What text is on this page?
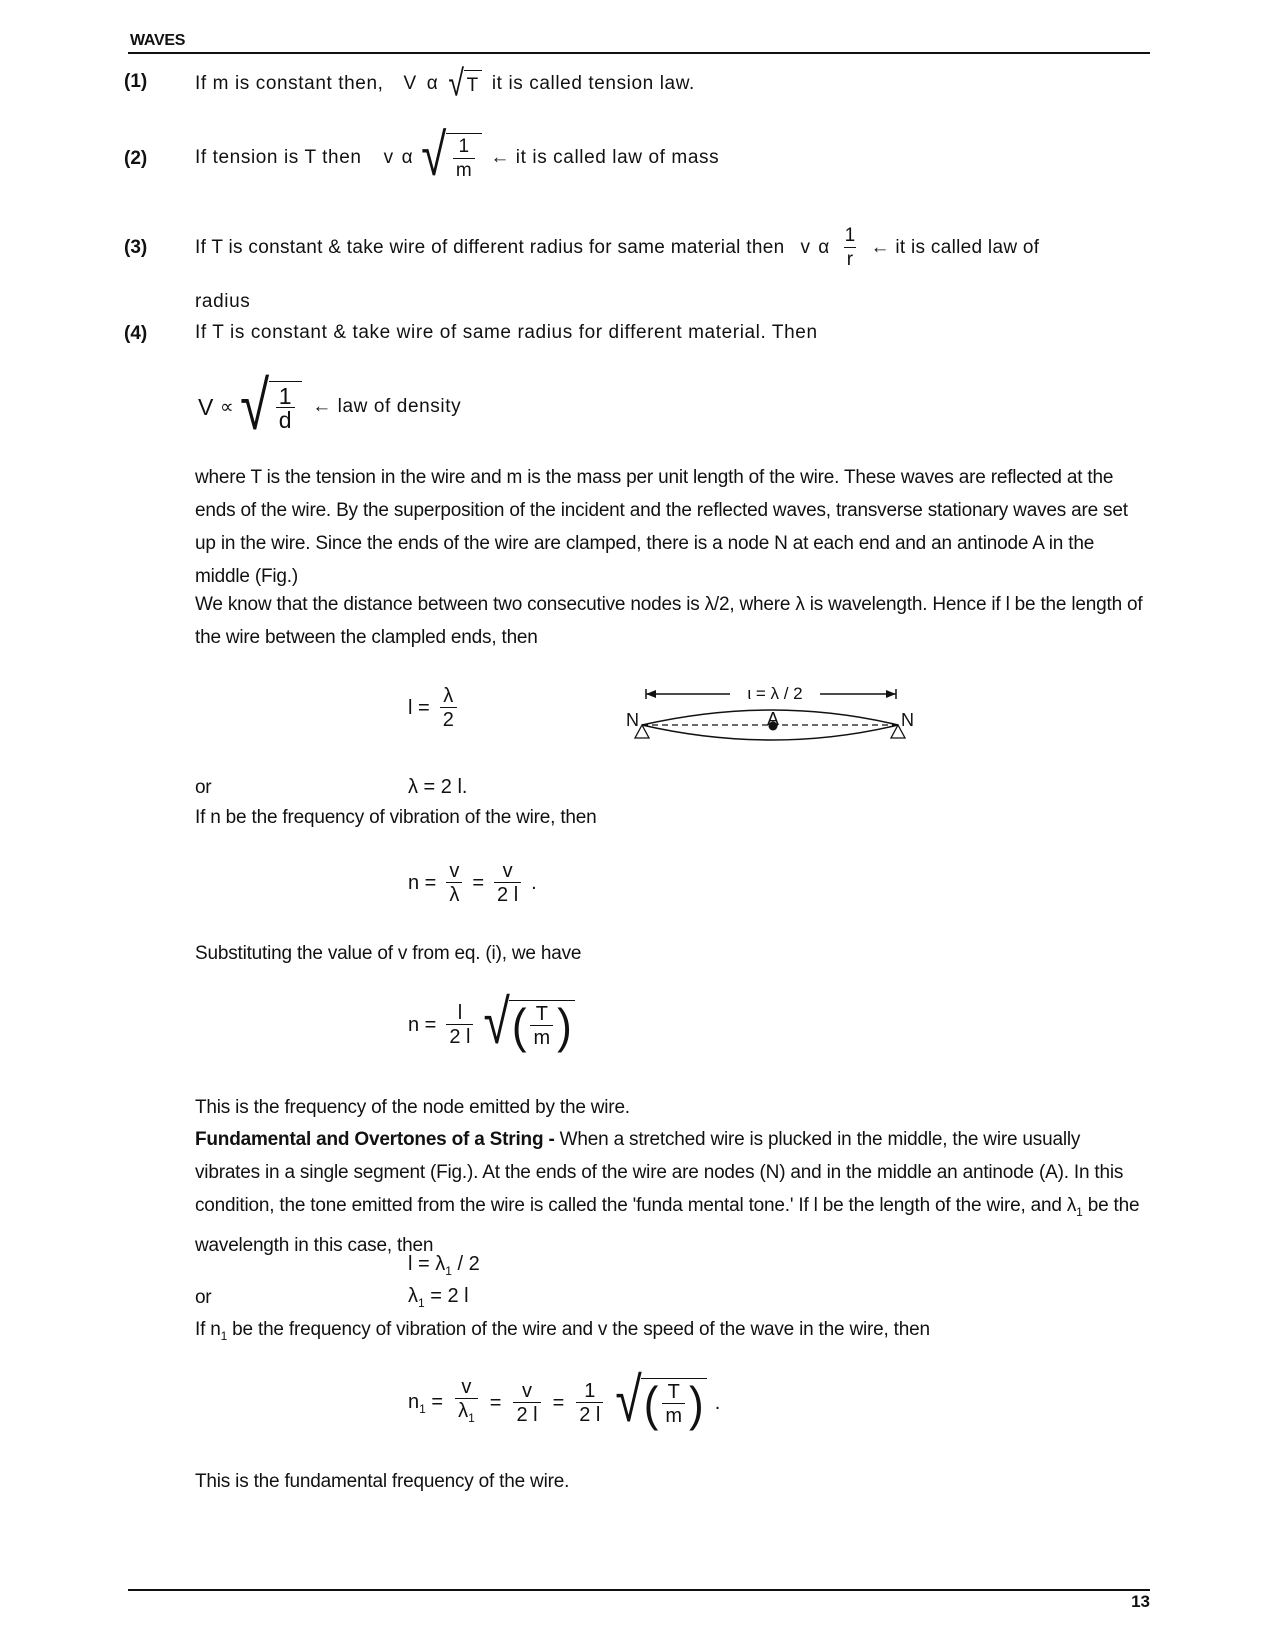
WAVES
(1)	If m is constant then, V α √ T it is called tension law.
(2)	If tension is T then v α √ $\frac{1}{m}$ ← it is called law of mass
(3)	If T is constant & take wire of different radius for same material then v α $\frac{1}{r}$ ← it is called law of
radius
(4)	If T is constant & take wire of same radius for different material. Then
V ∝ √ $\frac{1}{d}$ ← law of density
where T is the tension in the wire and m is the mass per unit length of the wire. These waves are reflected at the ends of the wire. By the superposition of the incident and the reflected waves, transverse stationary waves are set up in the wire. Since the ends of the wire are clamped, there is a node N at each end and an antinode A in the middle (Fig.)
We know that the distance between two consecutive nodes is λ/2, where λ is wavelength. Hence if l be the length of the wire between the clampled ends, then
$l = \frac{\lambda}{2}$	ι = λ / 2
N	N
A
or	λ = 2 l.
If n be the frequency of vibration of the wire, then
$n = \frac{v}{\lambda} = \frac{v}{2 l}$ .
Substituting the value of v from eq. (i), we have
$n = \frac{l}{2 l}$ √ ( $\frac{T}{m}$ )
This is the frequency of the node emitted by the wire.
Fundamental and Overtones of a String - When a stretched wire is plucked in the middle, the wire usually vibrates in a single segment (Fig.). At the ends of the wire are nodes (N) and in the middle an antinode (A). In this condition, the tone emitted from the wire is called the 'funda mental tone.' If l be the length of the wire, and $\lambda_1$ be the wavelength in this case, then
$l = \lambda_1 / 2$
or	$\lambda_1 = 2$ l
If $n_1$ be the frequency of vibration of the wire and v the speed of the wave in the wire, then
$n_1 = \frac{v}{\lambda_1} = \frac{v}{2 l} = \frac{1}{2 l}$ √ ( $\frac{T}{m}$ ) .
This is the fundamental frequency of the wire.
13
